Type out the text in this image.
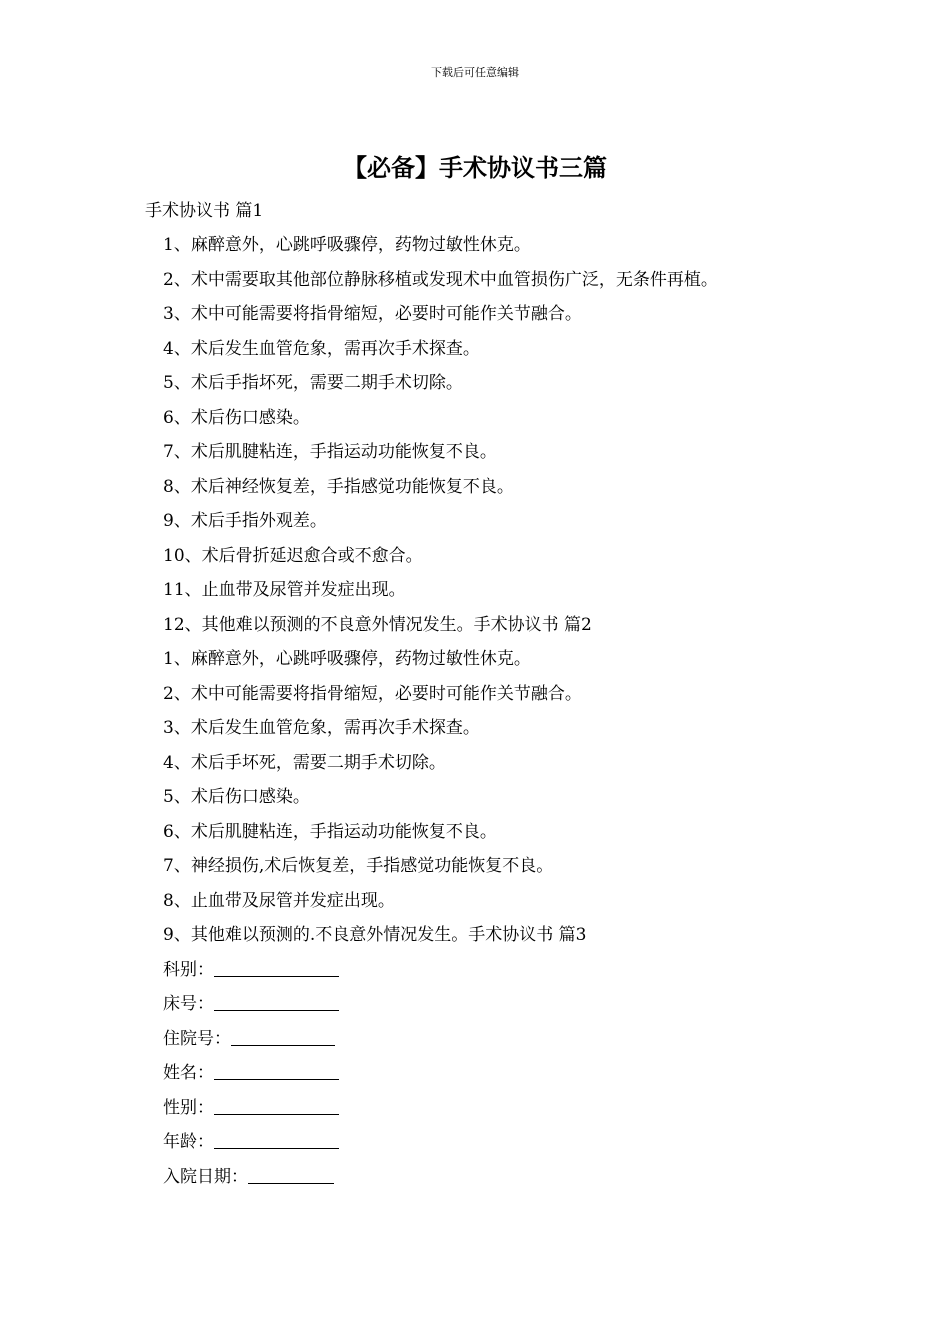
下载后可任意编辑
【必备】手术协议书三篇
手术协议书 篇1
1、麻醉意外，心跳呼吸骤停，药物过敏性休克。
2、术中需要取其他部位静脉移植或发现术中血管损伤广泛，无条件再植。
3、术中可能需要将指骨缩短，必要时可能作关节融合。
4、术后发生血管危象，需再次手术探查。
5、术后手指坏死，需要二期手术切除。
6、术后伤口感染。
7、术后肌腱粘连，手指运动功能恢复不良。
8、术后神经恢复差，手指感觉功能恢复不良。
9、术后手指外观差。
10、术后骨折延迟愈合或不愈合。
11、止血带及尿管并发症出现。
12、其他难以预测的不良意外情况发生。手术协议书 篇2
1、麻醉意外，心跳呼吸骤停，药物过敏性休克。
2、术中可能需要将指骨缩短，必要时可能作关节融合。
3、术后发生血管危象，需再次手术探查。
4、术后手坏死，需要二期手术切除。
5、术后伤口感染。
6、术后肌腱粘连，手指运动功能恢复不良。
7、神经损伤,术后恢复差，手指感觉功能恢复不良。
8、止血带及尿管并发症出现。
9、其他难以预测的.不良意外情况发生。手术协议书 篇3
科别：
床号：
住院号：
姓名：
性别：
年龄：
入院日期：
